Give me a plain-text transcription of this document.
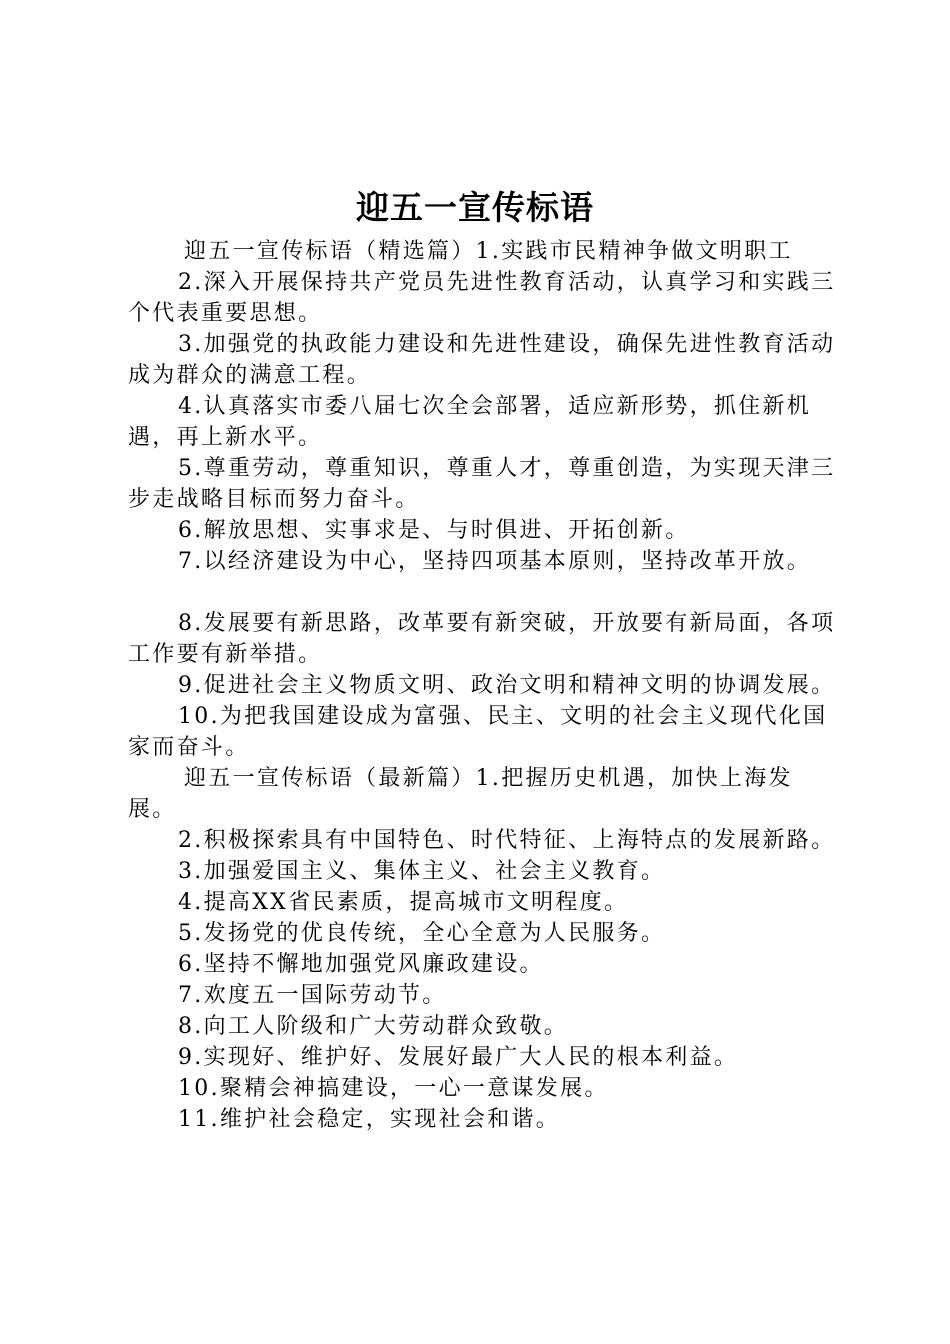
迎五一宣传标语
迎五一宣传标语（精选篇）1.实践市民精神争做文明职工
2.深入开展保持共产党员先进性教育活动，认真学习和实践三个代表重要思想。
3.加强党的执政能力建设和先进性建设，确保先进性教育活动成为群众的满意工程。
4.认真落实市委八届七次全会部署，适应新形势，抓住新机遇，再上新水平。
5.尊重劳动，尊重知识，尊重人才，尊重创造，为实现天津三步走战略目标而努力奋斗。
6.解放思想、实事求是、与时俱进、开拓创新。
7.以经济建设为中心，坚持四项基本原则，坚持改革开放。
8.发展要有新思路，改革要有新突破，开放要有新局面，各项工作要有新举措。
9.促进社会主义物质文明、政治文明和精神文明的协调发展。
10.为把我国建设成为富强、民主、文明的社会主义现代化国家而奋斗。
迎五一宣传标语（最新篇）1.把握历史机遇，加快上海发展。
2.积极探索具有中国特色、时代特征、上海特点的发展新路。
3.加强爱国主义、集体主义、社会主义教育。
4.提高XX省民素质，提高城市文明程度。
5.发扬党的优良传统，全心全意为人民服务。
6.坚持不懈地加强党风廉政建设。
7.欢度五一国际劳动节。
8.向工人阶级和广大劳动群众致敬。
9.实现好、维护好、发展好最广大人民的根本利益。
10.聚精会神搞建设，一心一意谋发展。
11.维护社会稳定，实现社会和谐。
